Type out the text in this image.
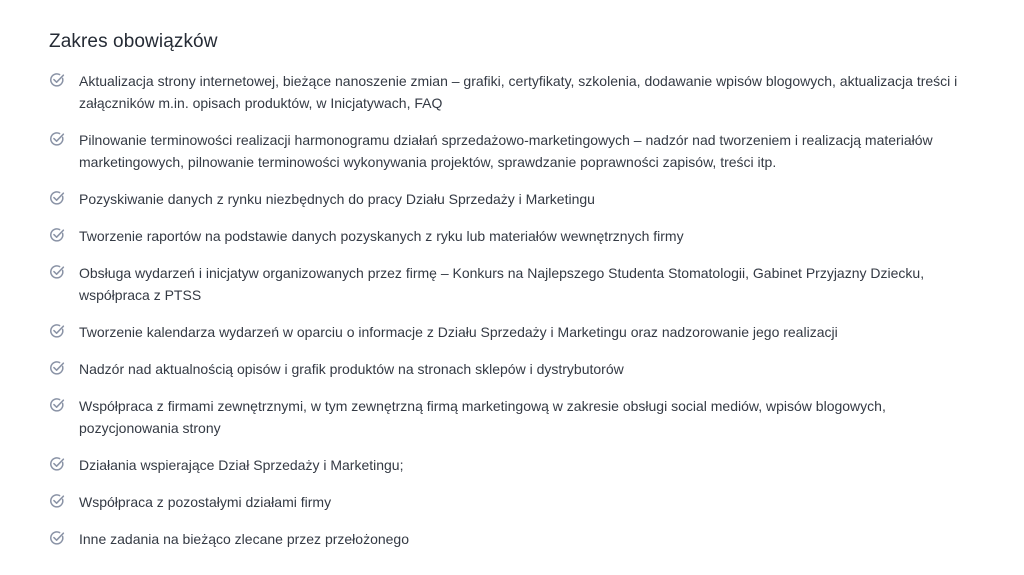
Zakres obowiązków
Aktualizacja strony internetowej, bieżące nanoszenie zmian – grafiki, certyfikaty, szkolenia, dodawanie wpisów blogowych, aktualizacja treści i załączników m.in. opisach produktów, w Inicjatywach, FAQ
Pilnowanie terminowości realizacji harmonogramu działań sprzedażowo-marketingowych – nadzór nad tworzeniem i realizacją materiałów marketingowych, pilnowanie terminowości wykonywania projektów, sprawdzanie poprawności zapisów, treści itp.
Pozyskiwanie danych z rynku niezbędnych do pracy Działu Sprzedaży i Marketingu
Tworzenie raportów na podstawie danych pozyskanych z ryku lub materiałów wewnętrznych firmy
Obsługa wydarzeń i inicjatyw organizowanych przez firmę – Konkurs na Najlepszego Studenta Stomatologii, Gabinet Przyjazny Dziecku, współpraca z PTSS
Tworzenie kalendarza wydarzeń w oparciu o informacje z Działu Sprzedaży i Marketingu oraz nadzorowanie jego realizacji
Nadzór nad aktualnością opisów i grafik produktów na stronach sklepów i dystrybutorów
Współpraca z firmami zewnętrznymi, w tym zewnętrzną firmą marketingową w zakresie obsługi social mediów, wpisów blogowych, pozycjonowania strony
Działania wspierające Dział Sprzedaży i Marketingu;
Współpraca z pozostałymi działami firmy
Inne zadania na bieżąco zlecane przez przełożonego
